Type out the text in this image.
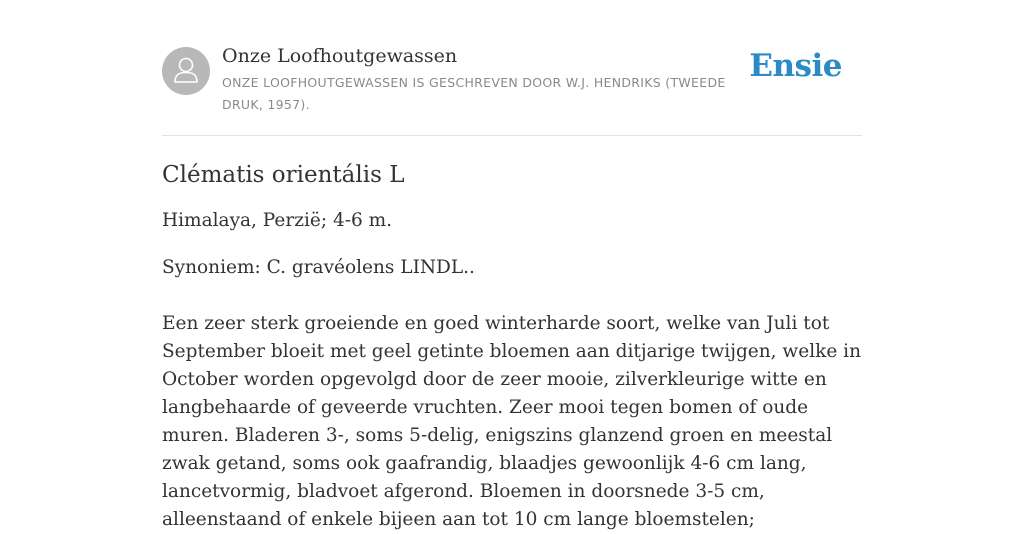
Onze Loofhoutgewassen
ONZE LOOFHOUTGEWASSEN IS GESCHREVEN DOOR W.J. HENDRIKS (TWEEDE DRUK, 1957).
Ensie
Clématis orientális L

Himalaya, Perzië; 4-6 m.

Synoniem: C. gravéolens LINDL..

Een zeer sterk groeiende en goed winterharde soort, welke van Juli tot September bloeit met geel getinte bloemen aan ditjarige twijgen, welke in October worden opgevolgd door de zeer mooie, zilverkleurige witte en langbehaarde of geveerde vruchten. Zeer mooi tegen bomen of oude muren. Bladeren 3-, soms 5-delig, enigszins glanzend groen en meestal zwak getand, soms ook gaafrandig, blaadjes gewoonlijk 4-6 cm lang, lancetvormig, bladvoet afgerond. Bloemen in doorsnede 3-5 cm, alleenstaand of enkele bijeen aan tot 10 cm lange bloemstelen;
